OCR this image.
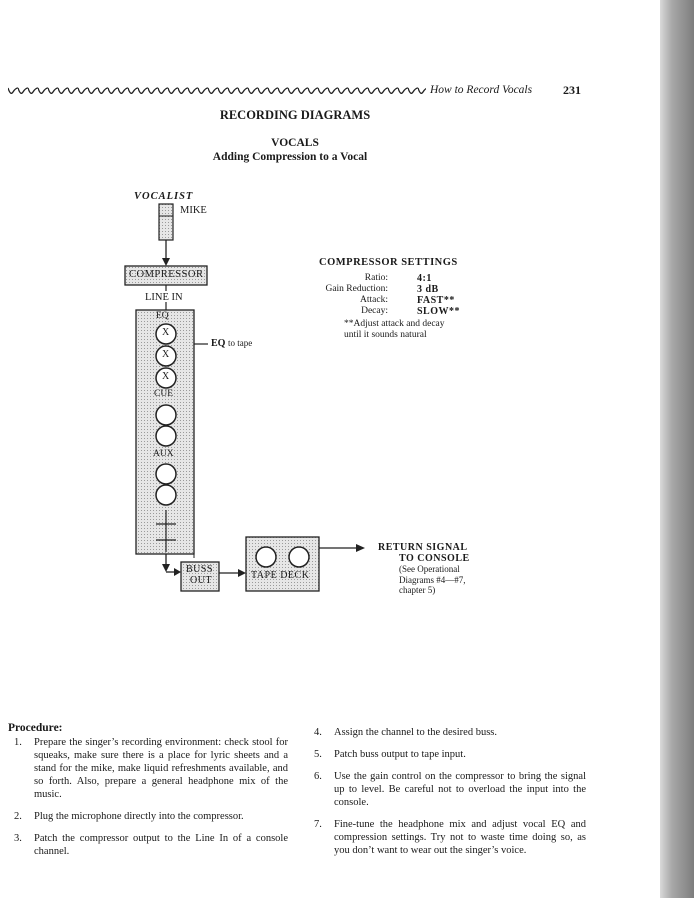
How to Record Vocals	231
RECORDING DIAGRAMS
VOCALS
Adding Compression to a Vocal
VOCALIST
MIKE
COMPRESSOR
LINE IN
EQ
X
X
X
EQ to tape
CUE
AUX
BUSS
OUT	TAPE DECK
RETURN SIGNAL
TO CONSOLE
(See Operational
Diagrams #4—#7,
chapter 5)
COMPRESSOR SETTINGS
Ratio:	4:1
Gain Reduction:	3 dB
Attack:	FAST**
Decay:	SLOW**
**Adjust attack and decay
until it sounds natural
Procedure:
1. Prepare the singer’s recording environment: check stool for squeaks, make sure there is a place for lyric sheets and a stand for the mike, make liquid refreshments available, and so forth. Also, prepare a general headphone mix of the music.
2. Plug the microphone directly into the compressor.
3. Patch the compressor output to the Line In of a console channel.
4. Assign the channel to the desired buss.
5. Patch buss output to tape input.
6. Use the gain control on the compressor to bring the signal up to level. Be careful not to overload the input into the console.
7. Fine-tune the headphone mix and adjust vocal EQ and compression settings. Try not to waste time doing so, as you don’t want to wear out the singer’s voice.
